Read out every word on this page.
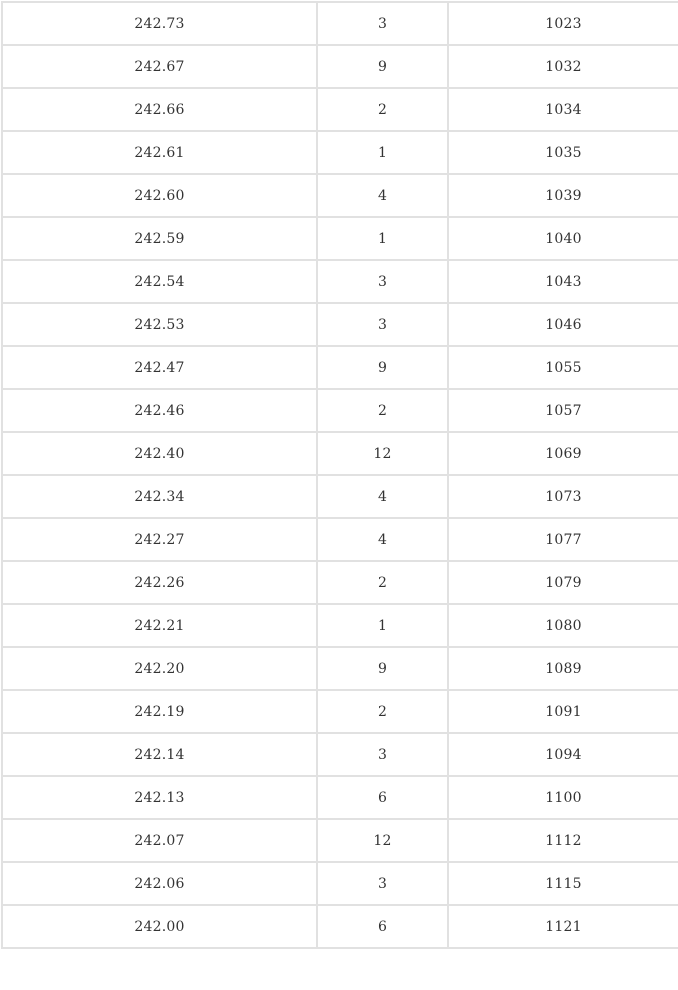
242.73	3	1023
242.67	9	1032
242.66	2	1034
242.61	1	1035
242.60	4	1039
242.59	1	1040
242.54	3	1043
242.53	3	1046
242.47	9	1055
242.46	2	1057
242.40	12	1069
242.34	4	1073
242.27	4	1077
242.26	2	1079
242.21	1	1080
242.20	9	1089
242.19	2	1091
242.14	3	1094
242.13	6	1100
242.07	12	1112
242.06	3	1115
242.00	6	1121
